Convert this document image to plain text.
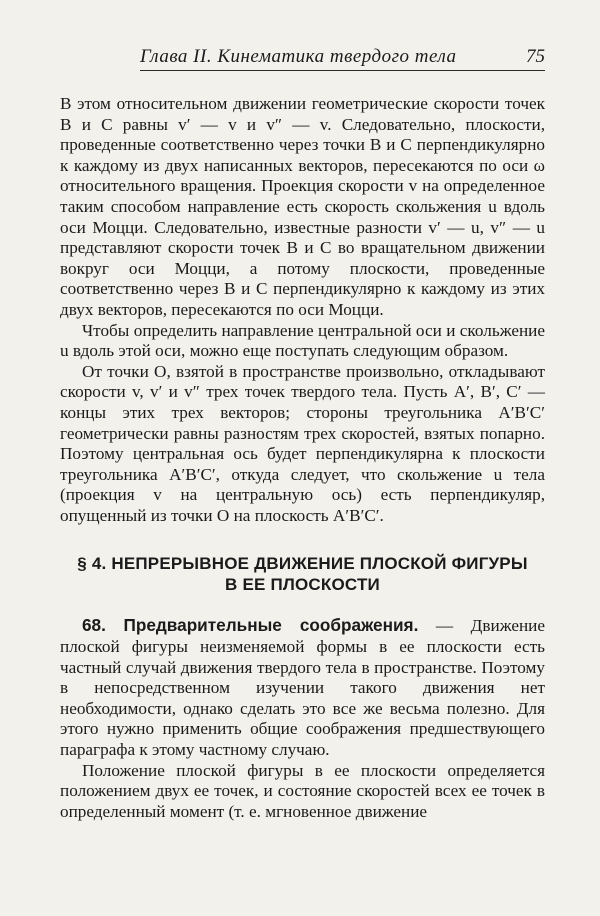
Глава II. Кинематика твердого тела	75

В этом относительном движении геометрические скорости точек B и C равны v′ — v и v″ — v. Следовательно, плоскости, проведенные соответственно через точки B и C перпендикулярно к каждому из двух написанных векторов, пересекаются по оси ω относительного вращения. Проекция скорости v на определенное таким способом направление есть скорость скольжения u вдоль оси Моцци. Следовательно, известные разности v′ — u, v″ — u представляют скорости точек B и C во вращательном движении вокруг оси Моцци, а потому плоскости, проведенные соответственно через B и C перпендикулярно к каждому из этих двух векторов, пересекаются по оси Моцци.

Чтобы определить направление центральной оси и скольжение u вдоль этой оси, можно еще поступать следующим образом.

От точки O, взятой в пространстве произвольно, откладывают скорости v, v′ и v″ трех точек твердого тела. Пусть A′, B′, C′ — концы этих трех векторов; стороны треугольника A′B′C′ геометрически равны разностям трех скоростей, взятых попарно. Поэтому центральная ось будет перпендикулярна к плоскости треугольника A′B′C′, откуда следует, что скольжение u тела (проекция v на центральную ось) есть перпендикуляр, опущенный из точки O на плоскость A′B′C′.

§ 4. НЕПРЕРЫВНОЕ ДВИЖЕНИЕ ПЛОСКОЙ ФИГУРЫ
В ЕЕ ПЛОСКОСТИ

68. Предварительные соображения. — Движение плоской фигуры неизменяемой формы в ее плоскости есть частный случай движения твердого тела в пространстве. Поэтому в непосредственном изучении такого движения нет необходимости, однако сделать это все же весьма полезно. Для этого нужно применить общие соображения предшествующего параграфа к этому частному случаю.

Положение плоской фигуры в ее плоскости определяется положением двух ее точек, и состояние скоростей всех ее точек в определенный момент (т. е. мгновенное движение
